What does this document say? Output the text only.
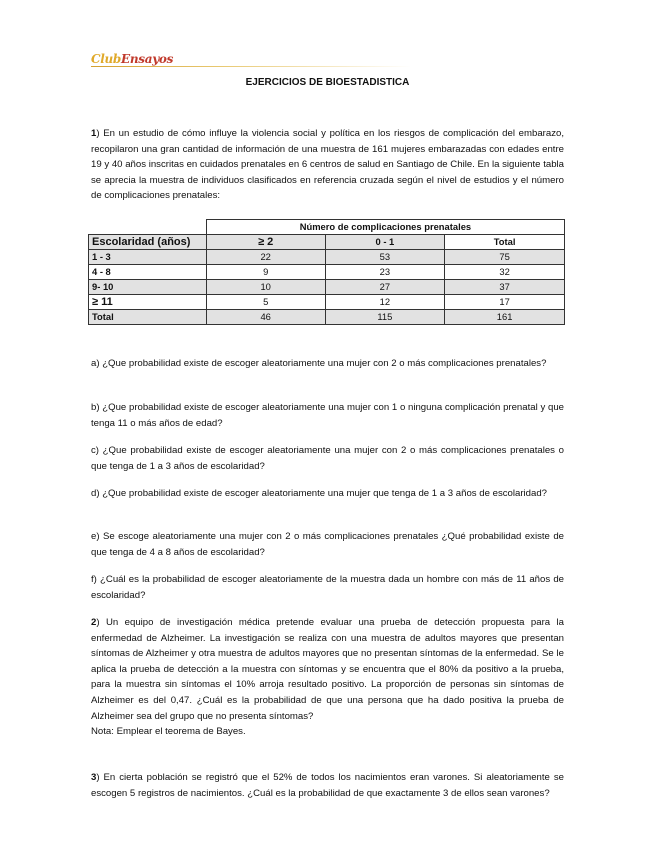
ClubEnsayos
EJERCICIOS DE BIOESTADISTICA
1) En un estudio de cómo influye la violencia social y política en los riesgos de complicación del embarazo, recopilaron una gran cantidad de información de una muestra de 161 mujeres embarazadas con edades entre 19 y 40 años inscritas en cuidados prenatales en 6 centros de salud en Santiago de Chile. En la siguiente tabla se aprecia la muestra de individuos clasificados en referencia cruzada según el nivel de estudios y el número de complicaciones prenatales:
	Número de complicaciones prenatales		
Escolaridad (años)	≥ 2	0 - 1	Total
1 - 3	22	53	75
4 - 8	9	23	32
9- 10	10	27	37
≥ 11	5	12	17
Total	46	115	161
a) ¿Que probabilidad existe de escoger aleatoriamente una mujer con 2 o más complicaciones prenatales?
b) ¿Que probabilidad existe de escoger aleatoriamente una mujer con 1 o ninguna complicación prenatal y que tenga 11 o más años de edad?
c) ¿Que probabilidad existe de escoger aleatoriamente una mujer con 2 o más complicaciones prenatales o que tenga de 1 a 3 años de escolaridad?
d) ¿Que probabilidad existe de escoger aleatoriamente una mujer que tenga de 1 a 3 años de escolaridad?
e) Se escoge aleatoriamente una mujer con 2 o más complicaciones prenatales ¿Qué probabilidad existe de que tenga de 4 a 8 años de escolaridad?
f) ¿Cuál es la probabilidad de escoger aleatoriamente de la muestra dada un hombre con más de 11 años de escolaridad?
2) Un equipo de investigación médica pretende evaluar una prueba de detección propuesta para la enfermedad de Alzheimer. La investigación se realiza con una muestra de adultos mayores que presentan síntomas de Alzheimer y otra muestra de adultos mayores que no presentan síntomas de la enfermedad. Se le aplica la prueba de detección a la muestra con síntomas y se encuentra que el 80% da positivo a la prueba, para la muestra sin síntomas el 10% arroja resultado positivo. La proporción de personas sin síntomas de Alzheimer es del 0,47. ¿Cuál es la probabilidad de que una persona que ha dado positiva la prueba de Alzheimer sea del grupo que no presenta síntomas?
Nota: Emplear el teorema de Bayes.
3) En cierta población se registró que el 52% de todos los nacimientos eran varones. Si aleatoriamente se escogen 5 registros de nacimientos. ¿Cuál es la probabilidad de que exactamente 3 de ellos sean varones?
